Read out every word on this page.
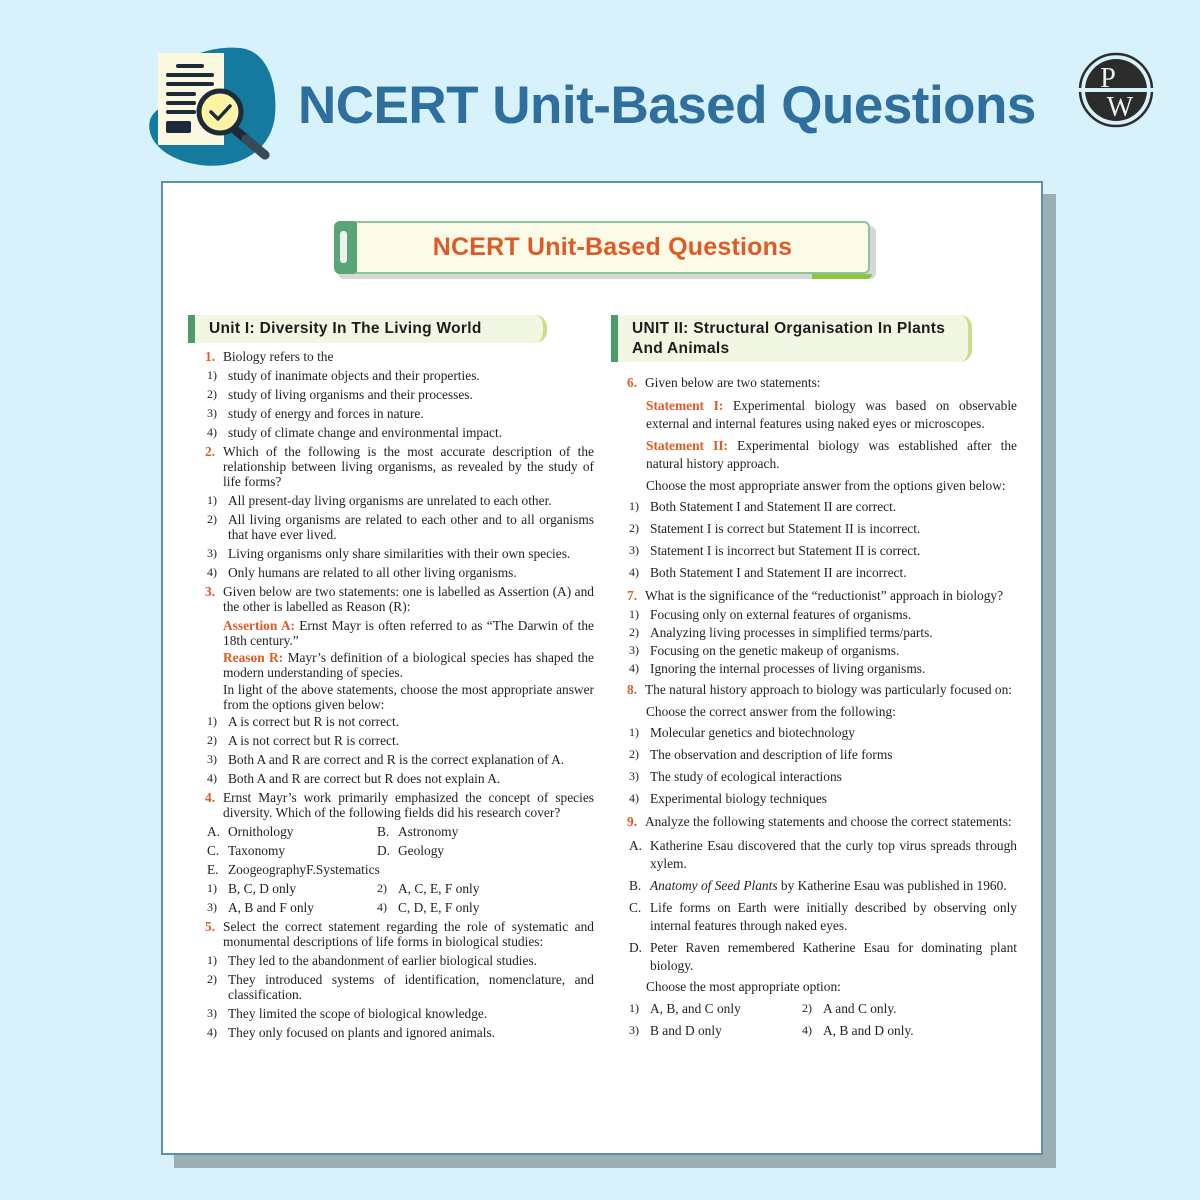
NCERT Unit-Based Questions P
W
NCERT Unit-Based Questions
Unit I: Diversity In The Living World	UNIT II: Structural Organisation In Plants And Animals
1. Biology refers to the
1) study of inanimate objects and their properties.
2) study of living organisms and their processes.
3) study of energy and forces in nature.
4) study of climate change and environmental impact.
2. Which of the following is the most accurate description of the relationship between living organisms, as revealed by the study of life forms?
1) All present-day living organisms are unrelated to each other.
2) All living organisms are related to each other and to all organisms that have ever lived.
3) Living organisms only share similarities with their own species.
4) Only humans are related to all other living organisms.
3. Given below are two statements: one is labelled as Assertion (A) and the other is labelled as Reason (R):
Assertion A: Ernst Mayr is often referred to as “The Darwin of the 18th century.”
Reason R: Mayr’s definition of a biological species has shaped the modern understanding of species.
In light of the above statements, choose the most appropriate answer from the options given below:
1) A is correct but R is not correct.
2) A is not correct but R is correct.
3) Both A and R are correct and R is the correct explanation of A.
4) Both A and R are correct but R does not explain A.
4. Ernst Mayr’s work primarily emphasized the concept of species diversity. Which of the following fields did his research cover?
A. Ornithology	B. Astronomy
C. Taxonomy	D. Geology
E. ZoogeographyF.Systematics
1) B, C, D only	2) A, C, E, F only
3) A, B and F only	4) C, D, E, F only
5. Select the correct statement regarding the role of systematic and monumental descriptions of life forms in biological studies:
1) They led to the abandonment of earlier biological studies.
2) They introduced systems of identification, nomenclature, and classification.
3) They limited the scope of biological knowledge.
4) They only focused on plants and ignored animals.
6. Given below are two statements:
Statement I: Experimental biology was based on observable external and internal features using naked eyes or microscopes.
Statement II: Experimental biology was established after the natural history approach.
Choose the most appropriate answer from the options given below:
1) Both Statement I and Statement II are correct.
2) Statement I is correct but Statement II is incorrect.
3) Statement I is incorrect but Statement II is correct.
4) Both Statement I and Statement II are incorrect.
7. What is the significance of the “reductionist” approach in biology?
1) Focusing only on external features of organisms.
2) Analyzing living processes in simplified terms/parts.
3) Focusing on the genetic makeup of organisms.
4) Ignoring the internal processes of living organisms.
8. The natural history approach to biology was particularly focused on:
Choose the correct answer from the following:
1) Molecular genetics and biotechnology
2) The observation and description of life forms
3) The study of ecological interactions
4) Experimental biology techniques
9. Analyze the following statements and choose the correct statements:
A. Katherine Esau discovered that the curly top virus spreads through xylem.
B. Anatomy of Seed Plants by Katherine Esau was published in 1960.
C. Life forms on Earth were initially described by observing only internal features through naked eyes.
D. Peter Raven remembered Katherine Esau for dominating plant biology.
Choose the most appropriate option:
1) A, B, and C only	2) A and C only.
3) B and D only	4) A, B and D only.
